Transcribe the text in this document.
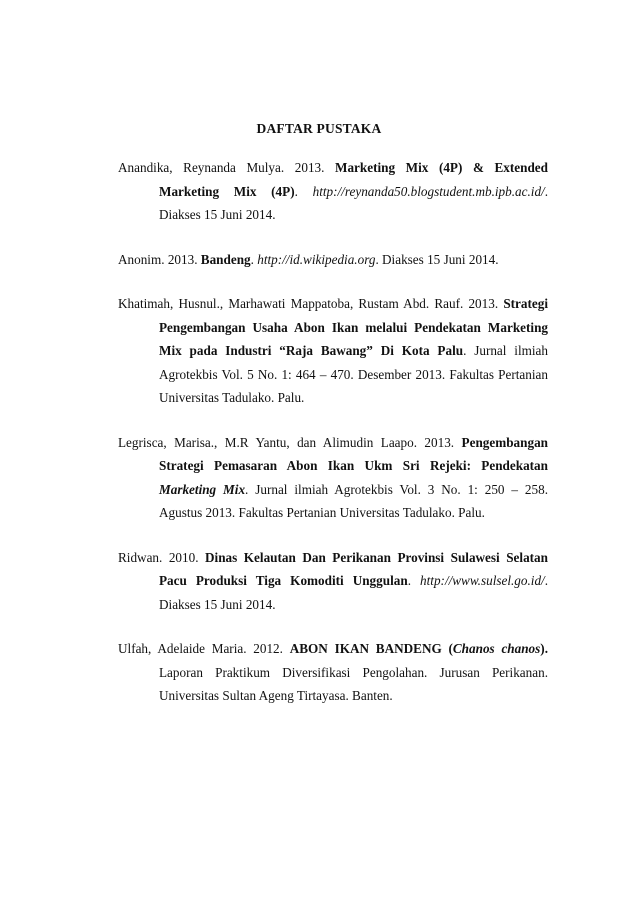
DAFTAR PUSTAKA

Anandika, Reynanda Mulya. 2013. Marketing Mix (4P) & Extended Marketing Mix (4P). http://reynanda50.blogstudent.mb.ipb.ac.id/. Diakses 15 Juni 2014.

Anonim. 2013. Bandeng. http://id.wikipedia.org. Diakses 15 Juni 2014.

Khatimah, Husnul., Marhawati Mappatoba, Rustam Abd. Rauf. 2013. Strategi Pengembangan Usaha Abon Ikan melalui Pendekatan Marketing Mix pada Industri “Raja Bawang” Di Kota Palu. Jurnal ilmiah Agrotekbis Vol. 5 No. 1: 464 – 470. Desember 2013. Fakultas Pertanian Universitas Tadulako. Palu.

Legrisca, Marisa., M.R Yantu, dan Alimudin Laapo. 2013. Pengembangan Strategi Pemasaran Abon Ikan Ukm Sri Rejeki: Pendekatan Marketing Mix. Jurnal ilmiah Agrotekbis Vol. 3 No. 1: 250 – 258. Agustus 2013. Fakultas Pertanian Universitas Tadulako. Palu.

Ridwan. 2010. Dinas Kelautan Dan Perikanan Provinsi Sulawesi Selatan Pacu Produksi Tiga Komoditi Unggulan. http://www.sulsel.go.id/. Diakses 15 Juni 2014.

Ulfah, Adelaide Maria. 2012. ABON IKAN BANDENG (Chanos chanos). Laporan Praktikum Diversifikasi Pengolahan. Jurusan Perikanan. Universitas Sultan Ageng Tirtayasa. Banten.
